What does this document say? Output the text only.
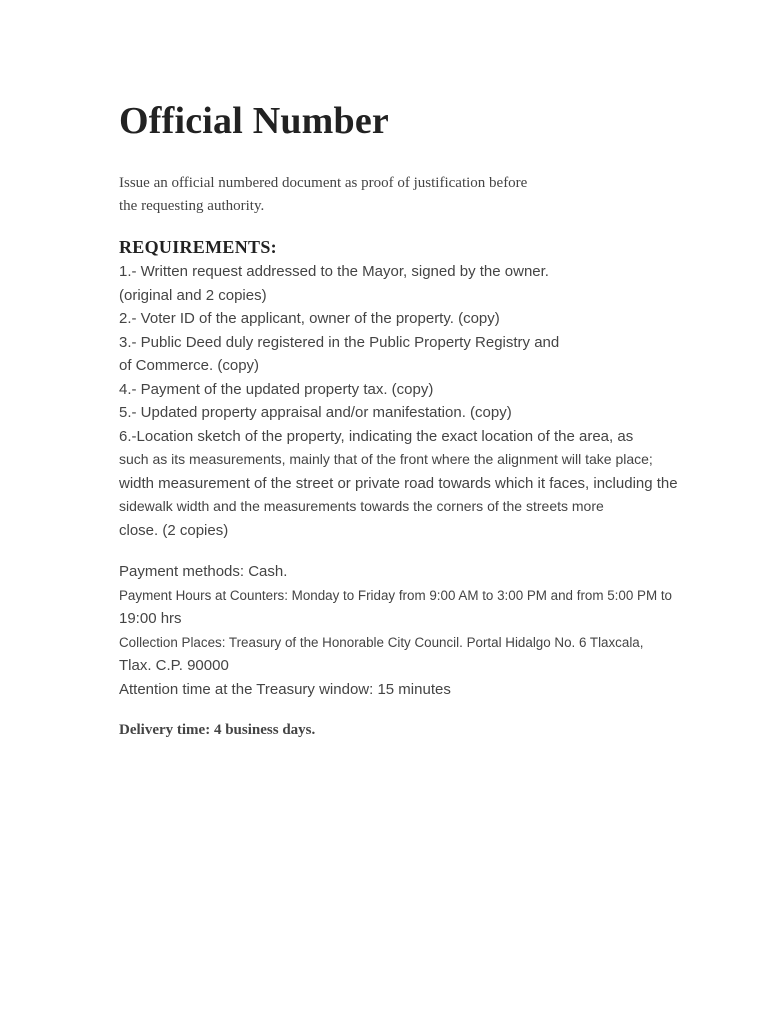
Official Number
Issue an official numbered document as proof of justification before
the requesting authority.
REQUIREMENTS:
1.- Written request addressed to the Mayor, signed by the owner.
(original and 2 copies)
2.- Voter ID of the applicant, owner of the property. (copy)
3.- Public Deed duly registered in the Public Property Registry and
of Commerce. (copy)
4.- Payment of the updated property tax. (copy)
5.- Updated property appraisal and/or manifestation. (copy)
6.-Location sketch of the property, indicating the exact location of the area, as
such as its measurements, mainly that of the front where the alignment will take place;
width measurement of the street or private road towards which it faces, including the
sidewalk width and the measurements towards the corners of the streets more
close. (2 copies)
Payment methods: Cash.
Payment Hours at Counters: Monday to Friday from 9:00 AM to 3:00 PM and from 5:00 PM to
19:00 hrs
Collection Places: Treasury of the Honorable City Council. Portal Hidalgo No. 6 Tlaxcala,
Tlax. C.P. 90000
Attention time at the Treasury window: 15 minutes
Delivery time: 4 business days.
